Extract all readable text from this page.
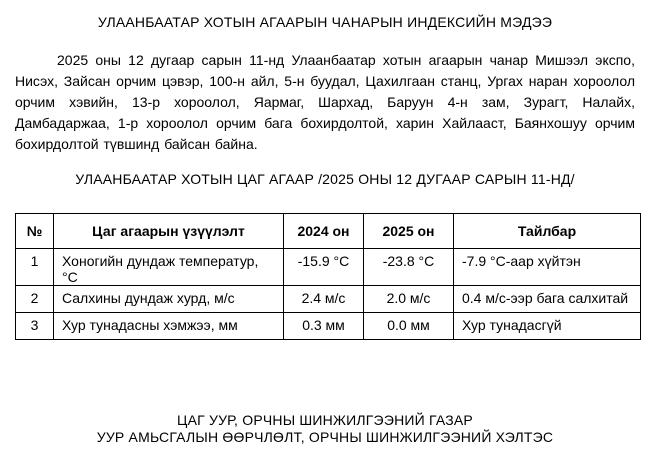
УЛААНБААТАР ХОТЫН АГААРЫН ЧАНАРЫН ИНДЕКСИЙН МЭДЭЭ

2025 оны 12 дугаар сарын 11-нд Улаанбаатар хотын агаарын чанар Мишээл экспо, Нисэх, Зайсан орчим цэвэр, 100-н айл, 5-н буудал, Цахилгаан станц, Ургах наран хороолол орчим хэвийн, 13-р хороолол, Яармаг, Шархад, Баруун 4-н зам, Зурагт, Налайх, Дамбадаржаа, 1-р хороолол орчим бага бохирдолтой, харин Хайлааст, Баянхошуу орчим бохирдолтой түвшинд байсан байна.

УЛААНБААТАР ХОТЫН ЦАГ АГААР /2025 ОНЫ 12 ДУГААР САРЫН 11-НД/
№	Цаг агаарын үзүүлэлт	2024 он	2025 он	Тайлбар
1	Хоногийн дундаж температур, °С	-15.9 °С	-23.8 °С	-7.9 °С-аар хүйтэн
2	Салхины дундаж хурд, м/с	2.4 м/с	2.0 м/с	0.4 м/с-ээр бага салхитай
3	Хур тунадасны хэмжээ, мм	0.3 мм	0.0 мм	Хур тунадасгүй
ЦАГ УУР, ОРЧНЫ ШИНЖИЛГЭЭНИЙ ГАЗАР
УУР АМЬСГАЛЫН ӨӨРЧЛӨЛТ, ОРЧНЫ ШИНЖИЛГЭЭНИЙ ХЭЛТЭС
